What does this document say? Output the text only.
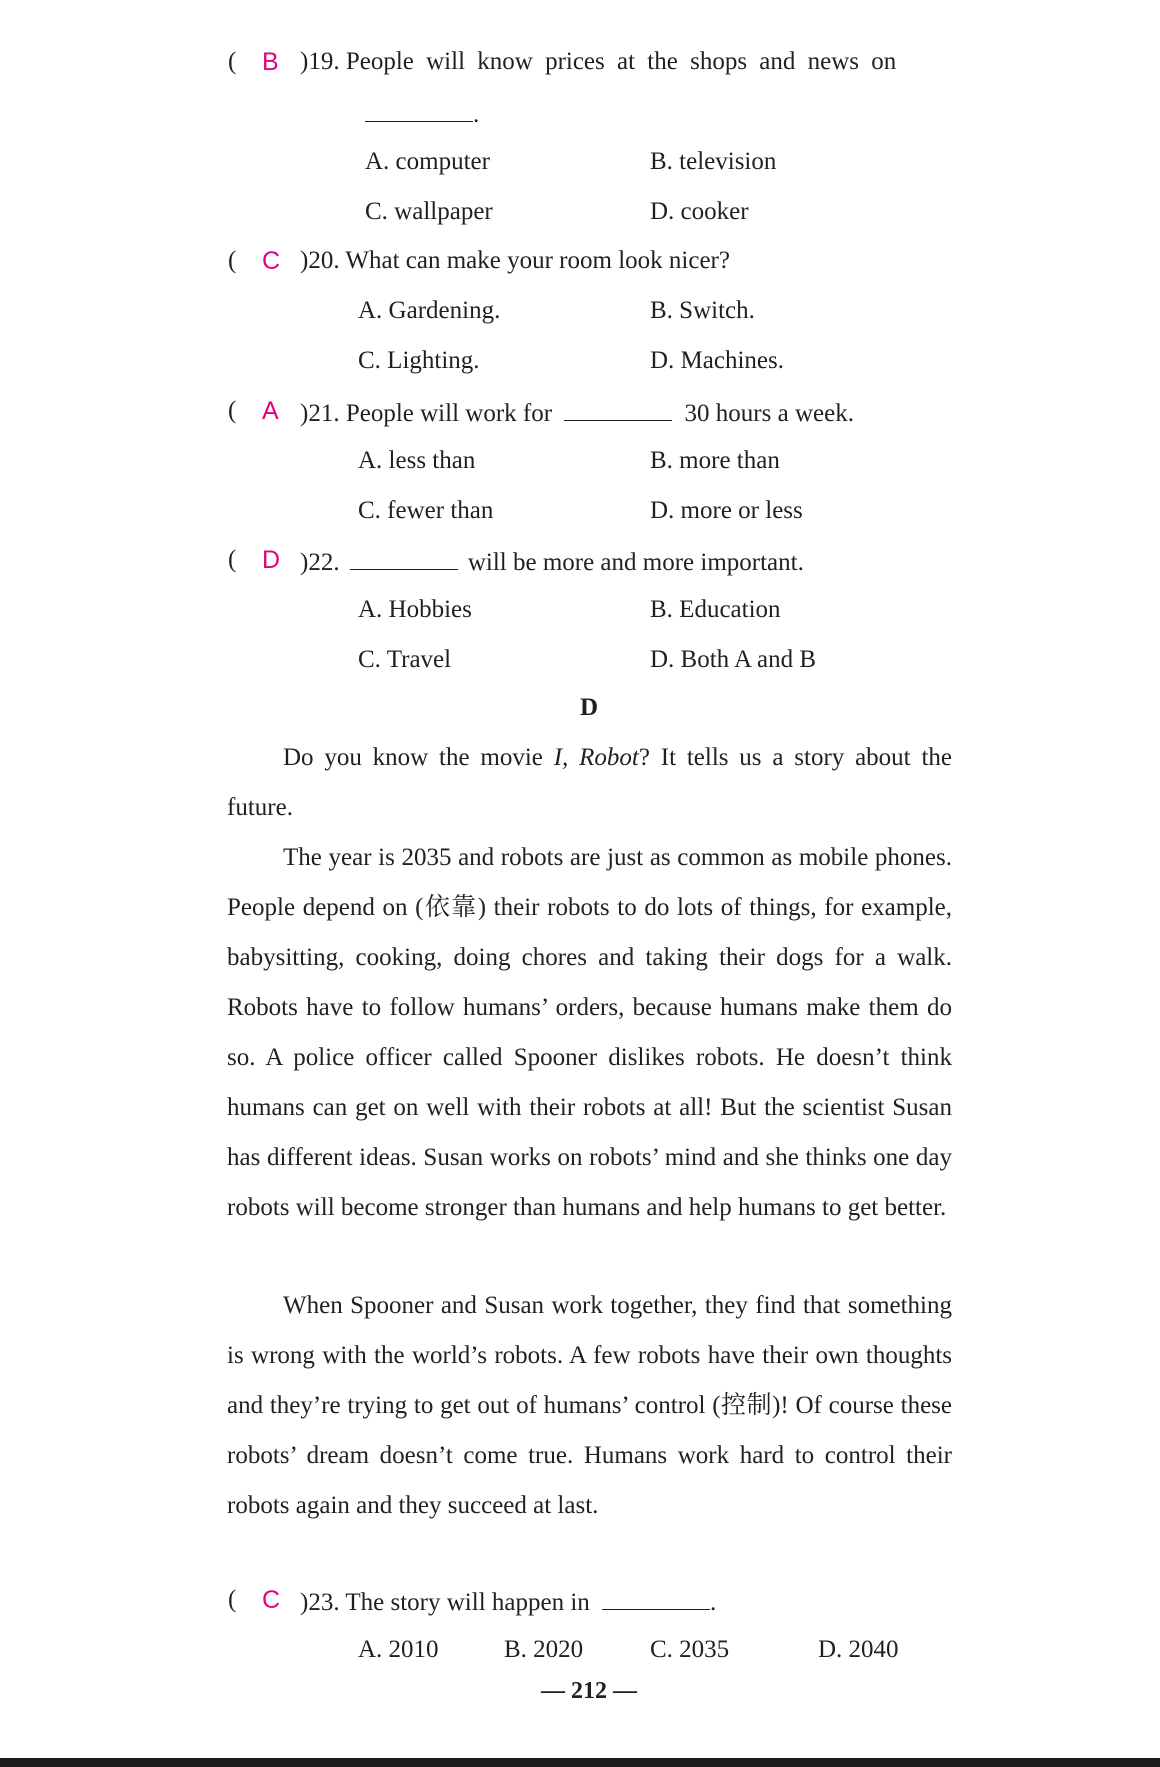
( B )19. People will know prices at the shops and news on
.
A. computer	B. television
C. wallpaper	D. cooker
( C )20. What can make your room look nicer?
A. Gardening.	B. Switch.
C. Lighting.	D. Machines.
( A )21. People will work for	30 hours a week.
A. less than	B. more than
C. fewer than	D. more or less
( D )22.	will be more and more important.
A. Hobbies	B. Education
C. Travel	D. Both A and B
D
Do you know the movie I, Robot? It tells us a story about the future.
The year is 2035 and robots are just as common as mobile phones. People depend on (依靠) their robots to do lots of things, for example, babysitting, cooking, doing chores and taking their dogs for a walk. Robots have to follow humans’ orders, because humans make them do so. A police officer called Spooner dislikes robots. He doesn’t think humans can get on well with their robots at all! But the scientist Susan has different ideas. Susan works on robots’ mind and she thinks one day robots will become stronger than humans and help humans to get better.
When Spooner and Susan work together, they find that something is wrong with the world’s robots. A few robots have their own thoughts and they’re trying to get out of humans’ control (控制)! Of course these robots’ dream doesn’t come true. Humans work hard to control their robots again and they succeed at last.
( C )23. The story will happen in	.
A. 2010	B. 2020	C. 2035	D. 2040
— 212 —
